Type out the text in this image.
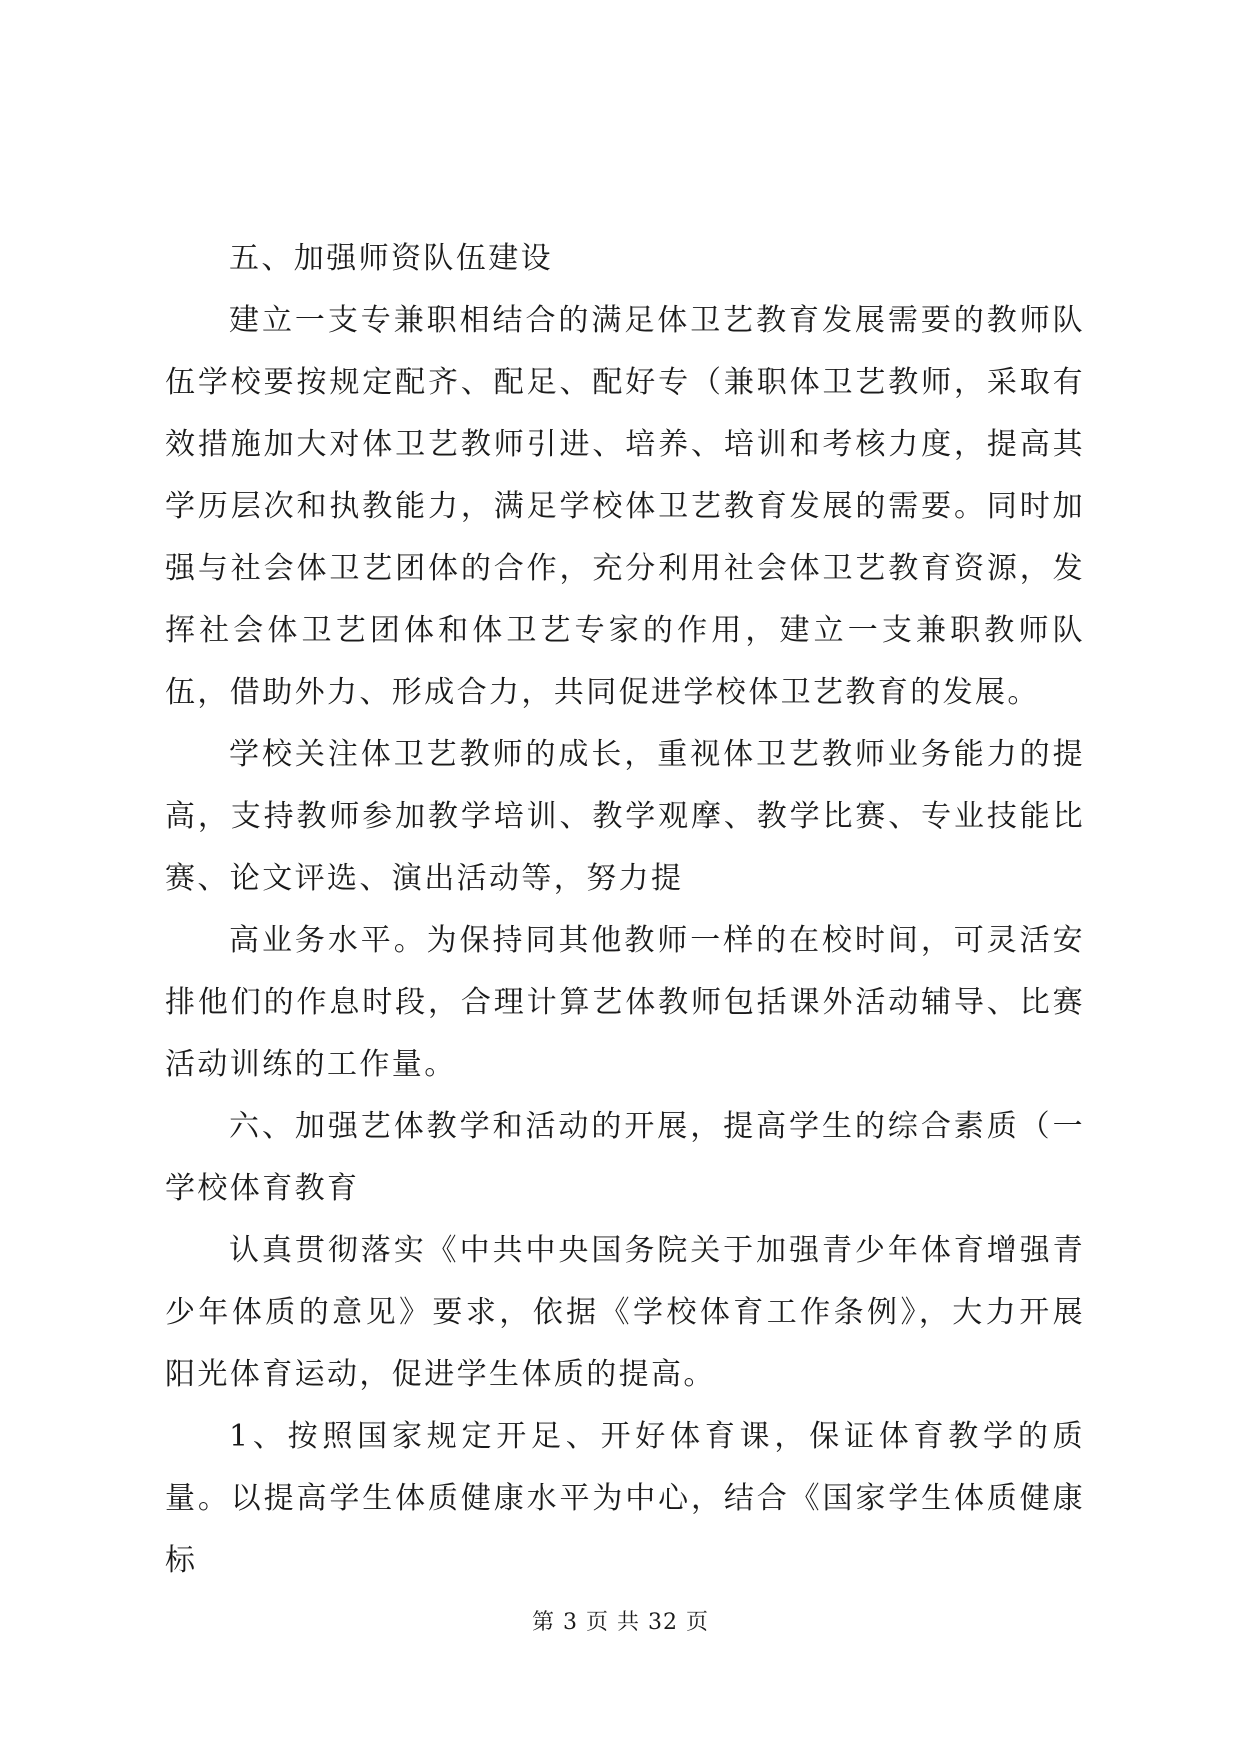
五、加强师资队伍建设

建立一支专兼职相结合的满足体卫艺教育发展需要的教师队伍学校要按规定配齐、配足、配好专（兼职体卫艺教师，采取有效措施加大对体卫艺教师引进、培养、培训和考核力度，提高其学历层次和执教能力，满足学校体卫艺教育发展的需要。同时加强与社会体卫艺团体的合作，充分利用社会体卫艺教育资源，发挥社会体卫艺团体和体卫艺专家的作用，建立一支兼职教师队伍，借助外力、形成合力，共同促进学校体卫艺教育的发展。

学校关注体卫艺教师的成长，重视体卫艺教师业务能力的提高，支持教师参加教学培训、教学观摩、教学比赛、专业技能比赛、论文评选、演出活动等，努力提

高业务水平。为保持同其他教师一样的在校时间，可灵活安排他们的作息时段，合理计算艺体教师包括课外活动辅导、比赛活动训练的工作量。

六、加强艺体教学和活动的开展，提高学生的综合素质（一学校体育教育

认真贯彻落实《中共中央国务院关于加强青少年体育增强青少年体质的意见》要求，依据《学校体育工作条例》，大力开展阳光体育运动，促进学生体质的提高。

1、按照国家规定开足、开好体育课，保证体育教学的质量。以提高学生体质健康水平为中心，结合《国家学生体质健康标

第 3 页 共 32 页
